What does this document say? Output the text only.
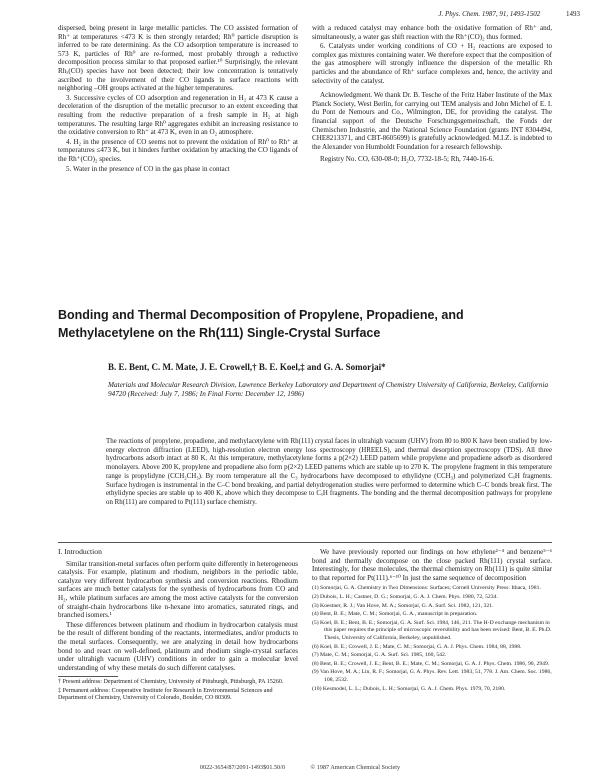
J. Phys. Chem. 1987, 91, 1493-1502	1493

dispersed, being present in large metallic particles. The CO assisted formation of Rh⁺ at temperatures <473 K is then strongly retarded; Rh⁰ particle disruption is inferred to be rate determining. As the CO adsorption temperature is increased to 573 K, particles of Rh⁰ are re-formed, most probably through a reductive decomposition process similar to that proposed earlier.¹⁰ Surprisingly, the relevant Rhₓ(CO) species have not been detected; their low concentration is tentatively ascribed to the involvement of their CO ligands in surface reactions with neighboring –OH groups activated at the higher temperatures.

3. Successive cycles of CO adsorption and regeneration in H₂ at 473 K cause a deceleration of the disruption of the metallic precursor to an extent exceeding that resulting from the reductive preparation of a fresh sample in H₂ at high temperatures. The resulting large Rh⁰ aggregates exhibit an increasing resistance to the oxidative conversion to Rh⁺ at 473 K, even in an O₂ atmosphere.

4. H₂ in the presence of CO seems not to prevent the oxidation of Rh⁰ to Rh⁺ at temperatures ≤473 K, but it hinders further oxidation by attacking the CO ligands of the Rh⁺(CO)₂ species.

5. Water in the presence of CO in the gas phase in contact

with a reduced catalyst may enhance both the oxidative formation of Rh⁺ and, simultaneously, a water gas shift reaction with the Rh⁺(CO)₂ thus formed.

6. Catalysts under working conditions of CO + H₂ reactions are exposed to complex gas mixtures containing water. We therefore expect that the composition of the gas atmosphere will strongly influence the dispersion of the metallic Rh particles and the abundance of Rh⁺ surface complexes and, hence, the activity and selectivity of the catalyst.

Acknowledgment. We thank Dr. B. Tesche of the Fritz Haber Institute of the Max Planck Society, West Berlin, for carrying out TEM analysis and John Michel of E. I. du Pont de Nemours and Co., Wilmington, DE, for providing the catalyst. The financial support of the Deutsche Forschungsgemeinschaft, the Fonds der Chemischen Industrie, and the National Science Foundation (grants INT 8304494, CHE8213371, and CBT-8605699) is gratefully acknowledged. M.I.Z. is indebted to the Alexander von Humboldt Foundation for a research fellowship.

Registry No. CO, 630-08-0; H₂O, 7732-18-5; Rh, 7440-16-6.

Bonding and Thermal Decomposition of Propylene, Propadiene, and Methylacetylene on the Rh(111) Single-Crystal Surface
B. E. Bent, C. M. Mate, J. E. Crowell,† B. E. Koel,‡ and G. A. Somorjai*
Materials and Molecular Research Division, Lawrence Berkeley Laboratory and Department of Chemistry University of California, Berkeley, California 94720 (Received: July 7, 1986; In Final Form: December 12, 1986)
The reactions of propylene, propadiene, and methylacetylene with Rh(111) crystal faces in ultrahigh vacuum (UHV) from 80 to 800 K have been studied by low-energy electron diffraction (LEED), high-resolution electron energy loss spectroscopy (HREELS), and thermal desorption spectroscopy (TDS). All three hydrocarbons adsorb intact at 80 K. At this temperature, methylacetylene forms a p(2×2) LEED pattern while propylene and propadiene adsorb as disordered monolayers. Above 200 K, propylene and propadiene also form p(2×2) LEED patterns which are stable up to 270 K. The propylene fragment in this temperature range is propylidyne (CCH₂CH₃). By room temperature all the C₃ hydrocarbons have decomposed to ethylidyne (CCH₃) and polymerized CₓH fragments. Surface hydrogen is instrumental in the C–C bond breaking, and partial dehydrogenation studies were performed to determine which C–C bonds break first. The ethylidyne species are stable up to 400 K, above which they decompose to CₓH fragments. The bonding and the thermal decomposition pathways for propylene on Rh(111) are compared to Pt(111) surface chemistry.

I. Introduction

Similar transition-metal surfaces often perform quite differently in heterogeneous catalysis. For example, platinum and rhodium, neighbors in the periodic table, catalyze very different hydrocarbon synthesis and conversion reactions. Rhodium surfaces are much better catalysts for the synthesis of hydrocarbons from CO and H₂, while platinum surfaces are among the most active catalysts for the conversion of straight-chain hydrocarbons like n-hexane into aromatics, saturated rings, and branched isomers.¹

These differences between platinum and rhodium in hydrocarbon catalysis must be the result of different bonding of the reactants, intermediates, and/or products to the metal surfaces. Consequently, we are analyzing in detail how hydrocarbons bond to and react on well-defined, platinum and rhodium single-crystal surfaces under ultrahigh vacuum (UHV) conditions in order to gain a molecular level understanding of why these metals do such different catalyses.

† Present address: Department of Chemistry, University of Pittsburgh, Pittsburgh, PA 15260.

‡ Permanent address: Cooperative Institute for Research in Environmental Sciences and Department of Chemistry, University of Colorado, Boulder, CO 80309.

We have previously reported our findings on how ethylene²⁻⁴ and benzene⁵⁻⁶ bond and thermally decompose on the close packed Rh(111) crystal surface. Interestingly, for these molecules, the thermal chemistry on Rh(111) is quite similar to that reported for Pt(111).⁶⁻¹⁰ In just the same sequence of decomposition

(1) Somorjai, G. A. Chemistry in Two Dimensions: Surfaces; Cornell University Press: Ithaca, 1981.

(2) Dubois, L. H.; Castner, D. G.; Somorjai, G. A. J. Chem. Phys. 1980, 72, 5234.

(3) Koestner, R. J.; Van Hove, M. A.; Somorjai, G. A. Surf. Sci. 1982, 121, 321.

(4) Bent, B. E.; Mate, C. M.; Somorjai, G. A., manuscript in preparation.

(5) Koel, B. E.; Bent, B. E.; Somorjai, G. A. Surf. Sci. 1984, 146, 211. The H-D exchange mechanism in this paper requires the principle of microscopic reversibility and has been revised: Bent, B. E. Ph.D. Thesis, University of California, Berkeley, unpublished.

(6) Koel, B. E.; Crowell, J. E.; Mate, C. M.; Somorjai, G. A. J. Phys. Chem. 1984, 88, 1988.

(7) Mate, C. M.; Somorjai, G. A. Surf. Sci. 1985, 160, 542.

(8) Bent, B. E.; Crowell, J. E.; Bent, B. E.; Mate, C. M.; Somorjai, G. A. J. Phys. Chem. 1986, 90, 2949.

(9) Van Hove, M. A.; Lin, R. F.; Somorjai, G. A. Phys. Rev. Lett. 1983, 51, 778. J. Am. Chem. Soc. 1986, 108, 2532.

(10) Kesmodel, L. L.; Dubois, L. H.; Somorjai, G. A. J. Chem. Phys. 1979, 70, 2180.

0022-3654/87/2091-1493$01.50/0	© 1987 American Chemical Society
